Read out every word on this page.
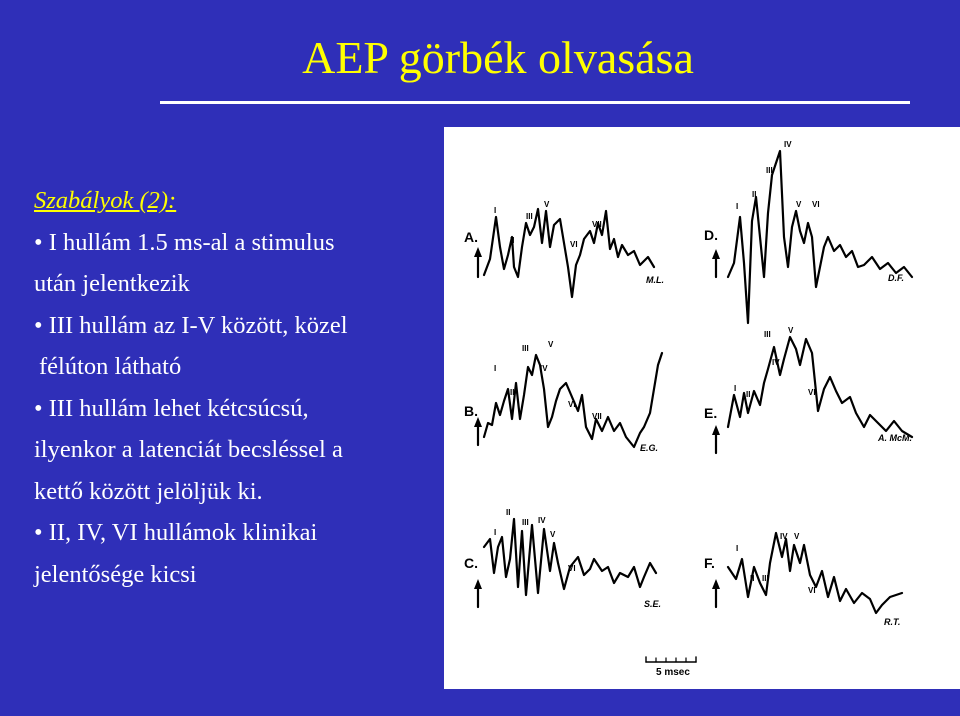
AEP görbék olvasása
Szabályok (2):
• I hullám 1.5 ms-al a stimulus
után jelentkezik
• III hullám az I-V között, közel
félúton látható
• III hullám lehet kétcsúcsú,
ilyenkor a latenciát becsléssel a
kettő között jelöljük ki.
• II, IV, VI hullámok klinikai
jelentősége kicsi
I
III
V
II	VI
VII
I
III V
II
IV
VI
VII
I
II
III IV
V
VI
I
II
III
IV
V VI
I
II
III
IV
V
VI
I
II III
IV V
VI
A.
B.
C.
D.
E.
F.
M.L.
E.G.
S.E.
D.F.
A. McM.
R.T.
5 msec
